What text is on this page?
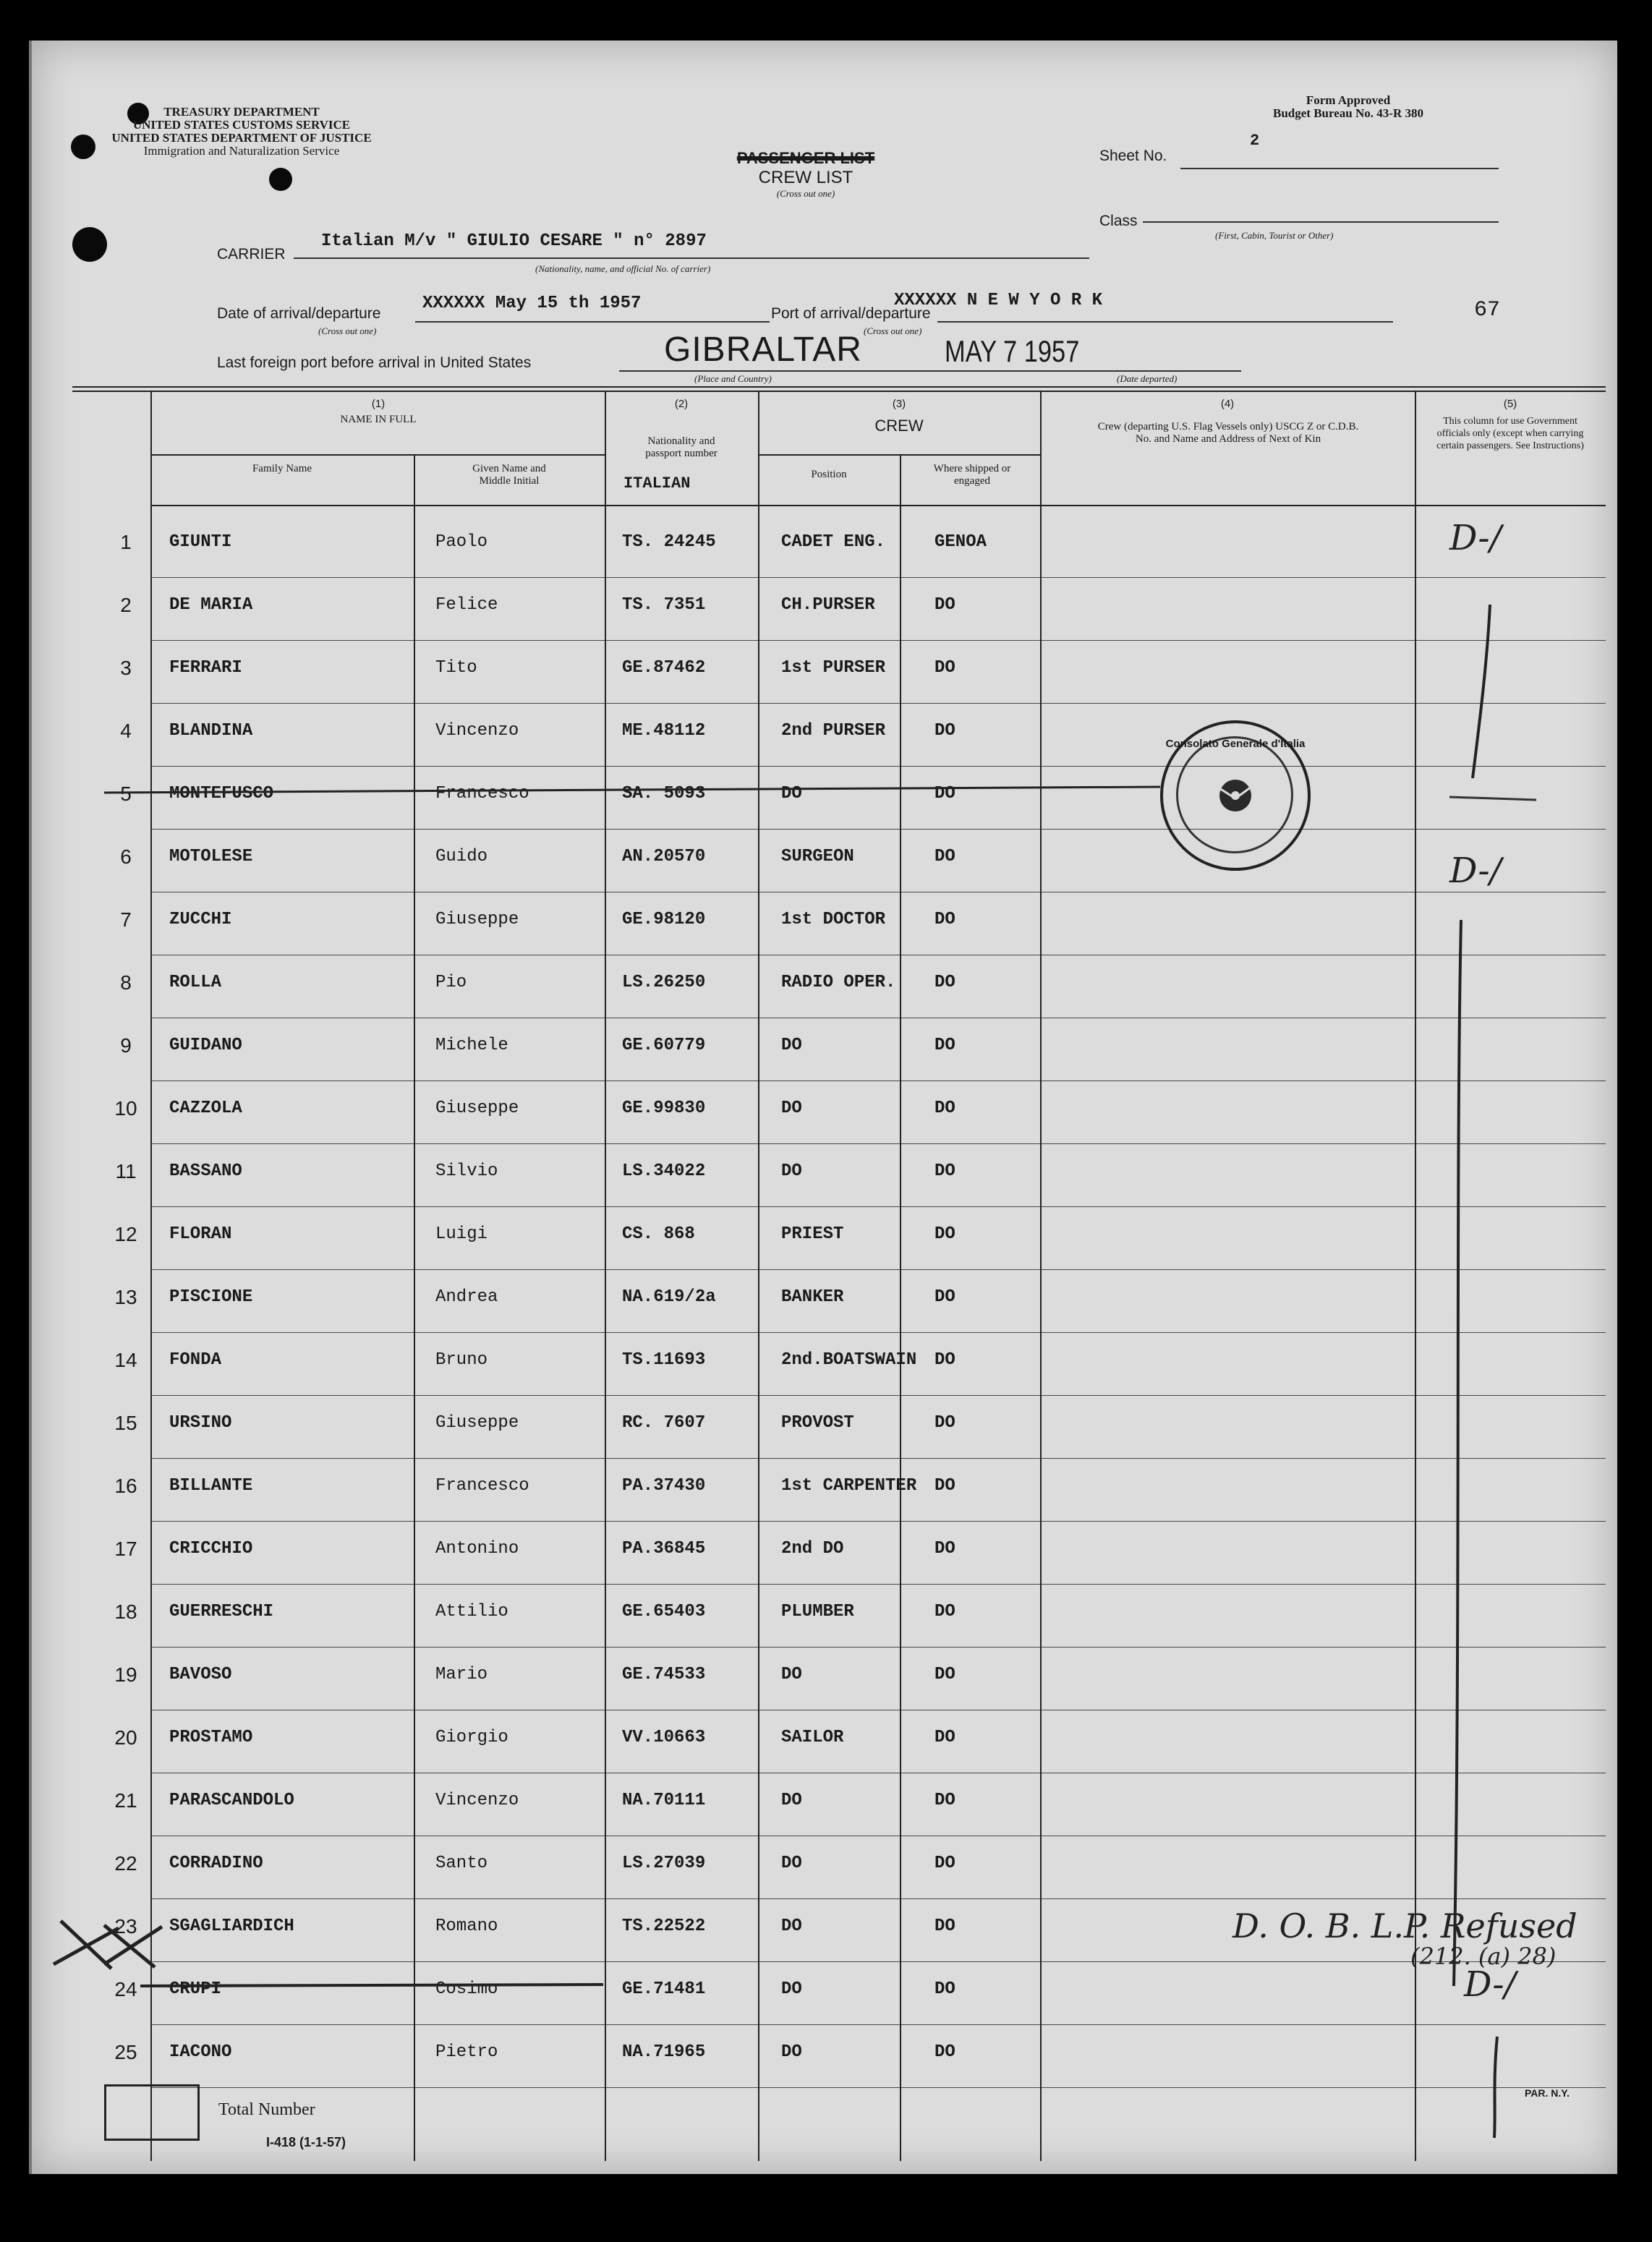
TREASURY DEPARTMENT
UNITED STATES CUSTOMS SERVICE
UNITED STATES DEPARTMENT OF JUSTICE
Immigration and Naturalization Service	PASSENGER LIST
CREW LIST
(Cross out one)
Form Approved
Budget Bureau No. 43-R 380
Sheet No.
2
Class
(First, Cabin, Tourist or Other)
CARRIER
Italian M/v " GIULIO CESARE " n° 2897
(Nationality, name, and official No. of carrier)
Date of arrival/departure
(Cross out one)
XXXXXX May 15 th 1957
Port of arrival/departure
(Cross out one)
XXXXXX N E W Y O R K	67
Last foreign port before arrival in United States	GIBRALTAR
(Place and Country)
MAY 7 1957
(Date departed)
(1)
NAME IN FULL
Family Name	Given Name and Middle Initial
(2)
Nationality and passport number
ITALIAN
(3)
CREW
Position	Where shipped or engaged
(4)
Crew (departing U.S. Flag Vessels only) USCG Z or C.D.B. No. and Name and Address of Next of Kin
(5)
This column for use Government officials only (except when carrying certain passengers. See Instructions)
1	GIUNTI	Paolo	TS. 24245	CADET ENG.	GENOA
2	DE MARIA	Felice	TS. 7351	CH.PURSER	DO
3	FERRARI	Tito	GE.87462	1st PURSER	DO
4	BLANDINA	Vincenzo	ME.48112	2nd PURSER	DO
5	MONTEFUSCO	Francesco	SA. 5093	DO	DO
6	MOTOLESE	Guido	AN.20570	SURGEON	DO
7	ZUCCHI	Giuseppe	GE.98120	1st DOCTOR	DO
8	ROLLA	Pio	LS.26250	RADIO OPER. DO
9	GUIDANO	Michele	GE.60779	DO	DO
10	CAZZOLA	Giuseppe	GE.99830	DO	DO
11	BASSANO	Silvio	LS.34022	DO	DO
12	FLORAN	Luigi	CS. 868	PRIEST	DO
13	PISCIONE	Andrea	NA.619/2a	BANKER	DO
14	FONDA	Bruno	TS.11693	2nd.BOATSWAIN DO
15	URSINO	Giuseppe	RC. 7607	PROVOST	DO
16	BILLANTE	Francesco	PA.37430	1st CARPENTER DO
17	CRICCHIO	Antonino	PA.36845	2nd DO	DO
18	GUERRESCHI	Attilio	GE.65403	PLUMBER	DO
19	BAVOSO	Mario	GE.74533	DO	DO
20	PROSTAMO	Giorgio	VV.10663	SAILOR	DO
21	PARASCANDOLO	Vincenzo	NA.70111	DO	DO
22	CORRADINO	Santo	LS.27039	DO	DO
23	SGAGLIARDICH	Romano	TS.22522	DO	DO
24	CRUPI	Cosimo	GE.71481	DO	DO
25	IACONO	Pietro	NA.71965	DO	DO
Consolato Generale d'Italia
D-/
D-/
D-/
D. O. B. L.P. Refused
(212. (a) 28)
Total Number
I-418 (1-1-57)
PAR. N.Y.
